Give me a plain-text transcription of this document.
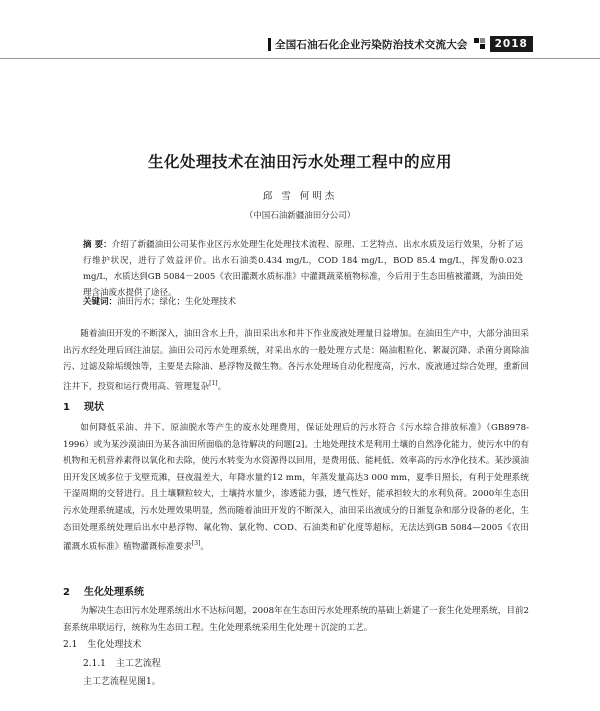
全国石油石化企业污染防治技术交流大会	2018
生化处理技术在油田污水处理工程中的应用
邱 雪 何明杰
（中国石油新疆油田分公司）
摘 要：介绍了新疆油田公司某作业区污水处理生化处理技术流程、原理、工艺特点、出水水质及运行效果，分析了运行维护状况，进行了效益评价。出水石油类0.434 mg/L，COD 184 mg/L，BOD 85.4 mg/L，挥发酚0.023 mg/L，水质达到GB 5084－2005《农田灌溉水质标准》中灌溉蔬菜植物标准，今后用于生态田植被灌溉，为油田处理含油废水提供了途径。
关键词：油田污水；绿化；生化处理技术
随着油田开发的不断深入，油田含水上升，油田采出水和井下作业废液处理量日益增加。在油田生产中，大部分油田采出污水经处理后回注油层。油田公司污水处理系统，对采出水的一般处理方式是：隔油粗粒化、絮凝沉降、杀菌分离除油污、过滤及除垢缓蚀等，主要是去除油、悬浮物及微生物。各污水处理场自动化程度高，污水、废液通过综合处理，重新回注井下，投资和运行费用高、管理复杂[1]。
1 现状
如何降低采油、井下、原油脱水等产生的废水处理费用，保证处理后的污水符合《污水综合排放标准》（GB8978-1996）或为某沙漠油田为某各油田所面临的急待解决的问题[2]。土地处理技术是利用土壤的自然净化能力，使污水中的有机物和无机营养素得以氧化和去除，使污水转变为水资源得以回用，是费用低、能耗低、效率高的污水净化技术。某沙漠油田开发区域多位于戈壁荒滩，昼夜温差大，年降水量约12 mm，年蒸发量高达3 000 mm，夏季日照长，有利于处理系统干湿周期的交替进行。且土壤颗粒较大，土壤持水量少，渗透能力强，透气性好，能承担较大的水利负荷。2000年生态田污水处理系统建成，污水处理效果明显，然而随着油田开发的不断深入，油田采出液成分的日渐复杂和部分设备的老化，生态田处理系统处理后出水中悬浮物、氟化物、氯化物、COD、石油类和矿化度等超标，无法达到GB 5084—2005《农田灌溉水质标准》植物灌溉标准要求[3]。
2 生化处理系统
为解决生态田污水处理系统出水不达标问题，2008年在生态田污水处理系统的基础上新建了一套生化处理系统，目前2套系统串联运行，统称为生态田工程。生化处理系统采用生化处理＋沉淀的工艺。
2.1 生化处理技术
2.1.1 主工艺流程
主工艺流程见图1。
